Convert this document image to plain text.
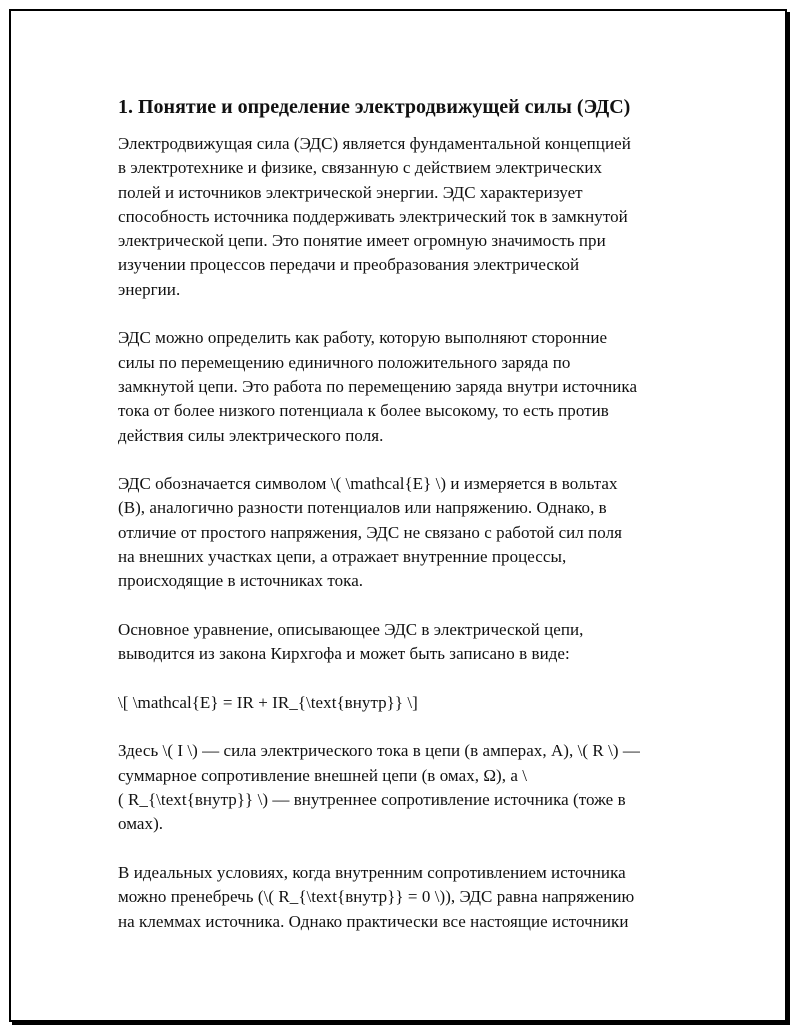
1. Понятие и определение электродвижущей силы (ЭДС)

Электродвижущая сила (ЭДС) является фундаментальной концепцией
в электротехнике и физике, связанную с действием электрических
полей и источников электрической энергии. ЭДС характеризует
способность источника поддерживать электрический ток в замкнутой
электрической цепи. Это понятие имеет огромную значимость при
изучении процессов передачи и преобразования электрической
энергии.

ЭДС можно определить как работу, которую выполняют сторонние
силы по перемещению единичного положительного заряда по
замкнутой цепи. Это работа по перемещению заряда внутри источника
тока от более низкого потенциала к более высокому, то есть против
действия силы электрического поля.

ЭДС обозначается символом \( \mathcal{E} \) и измеряется в вольтах
(В), аналогично разности потенциалов или напряжению. Однако, в
отличие от простого напряжения, ЭДС не связано с работой сил поля
на внешних участках цепи, а отражает внутренние процессы,
происходящие в источниках тока.

Основное уравнение, описывающее ЭДС в электрической цепи,
выводится из закона Кирхгофа и может быть записано в виде:

\[ \mathcal{E} = IR + IR_{\text{внутр}} \]

Здесь \( I \) — сила электрического тока в цепи (в амперах, А), \( R \) —
суммарное сопротивление внешней цепи (в омах, Ω), а \
( R_{\text{внутр}} \) — внутреннее сопротивление источника (тоже в
омах).

В идеальных условиях, когда внутренним сопротивлением источника
можно пренебречь (\( R_{\text{внутр}} = 0 \)), ЭДС равна напряжению
на клеммах источника. Однако практически все настоящие источники
